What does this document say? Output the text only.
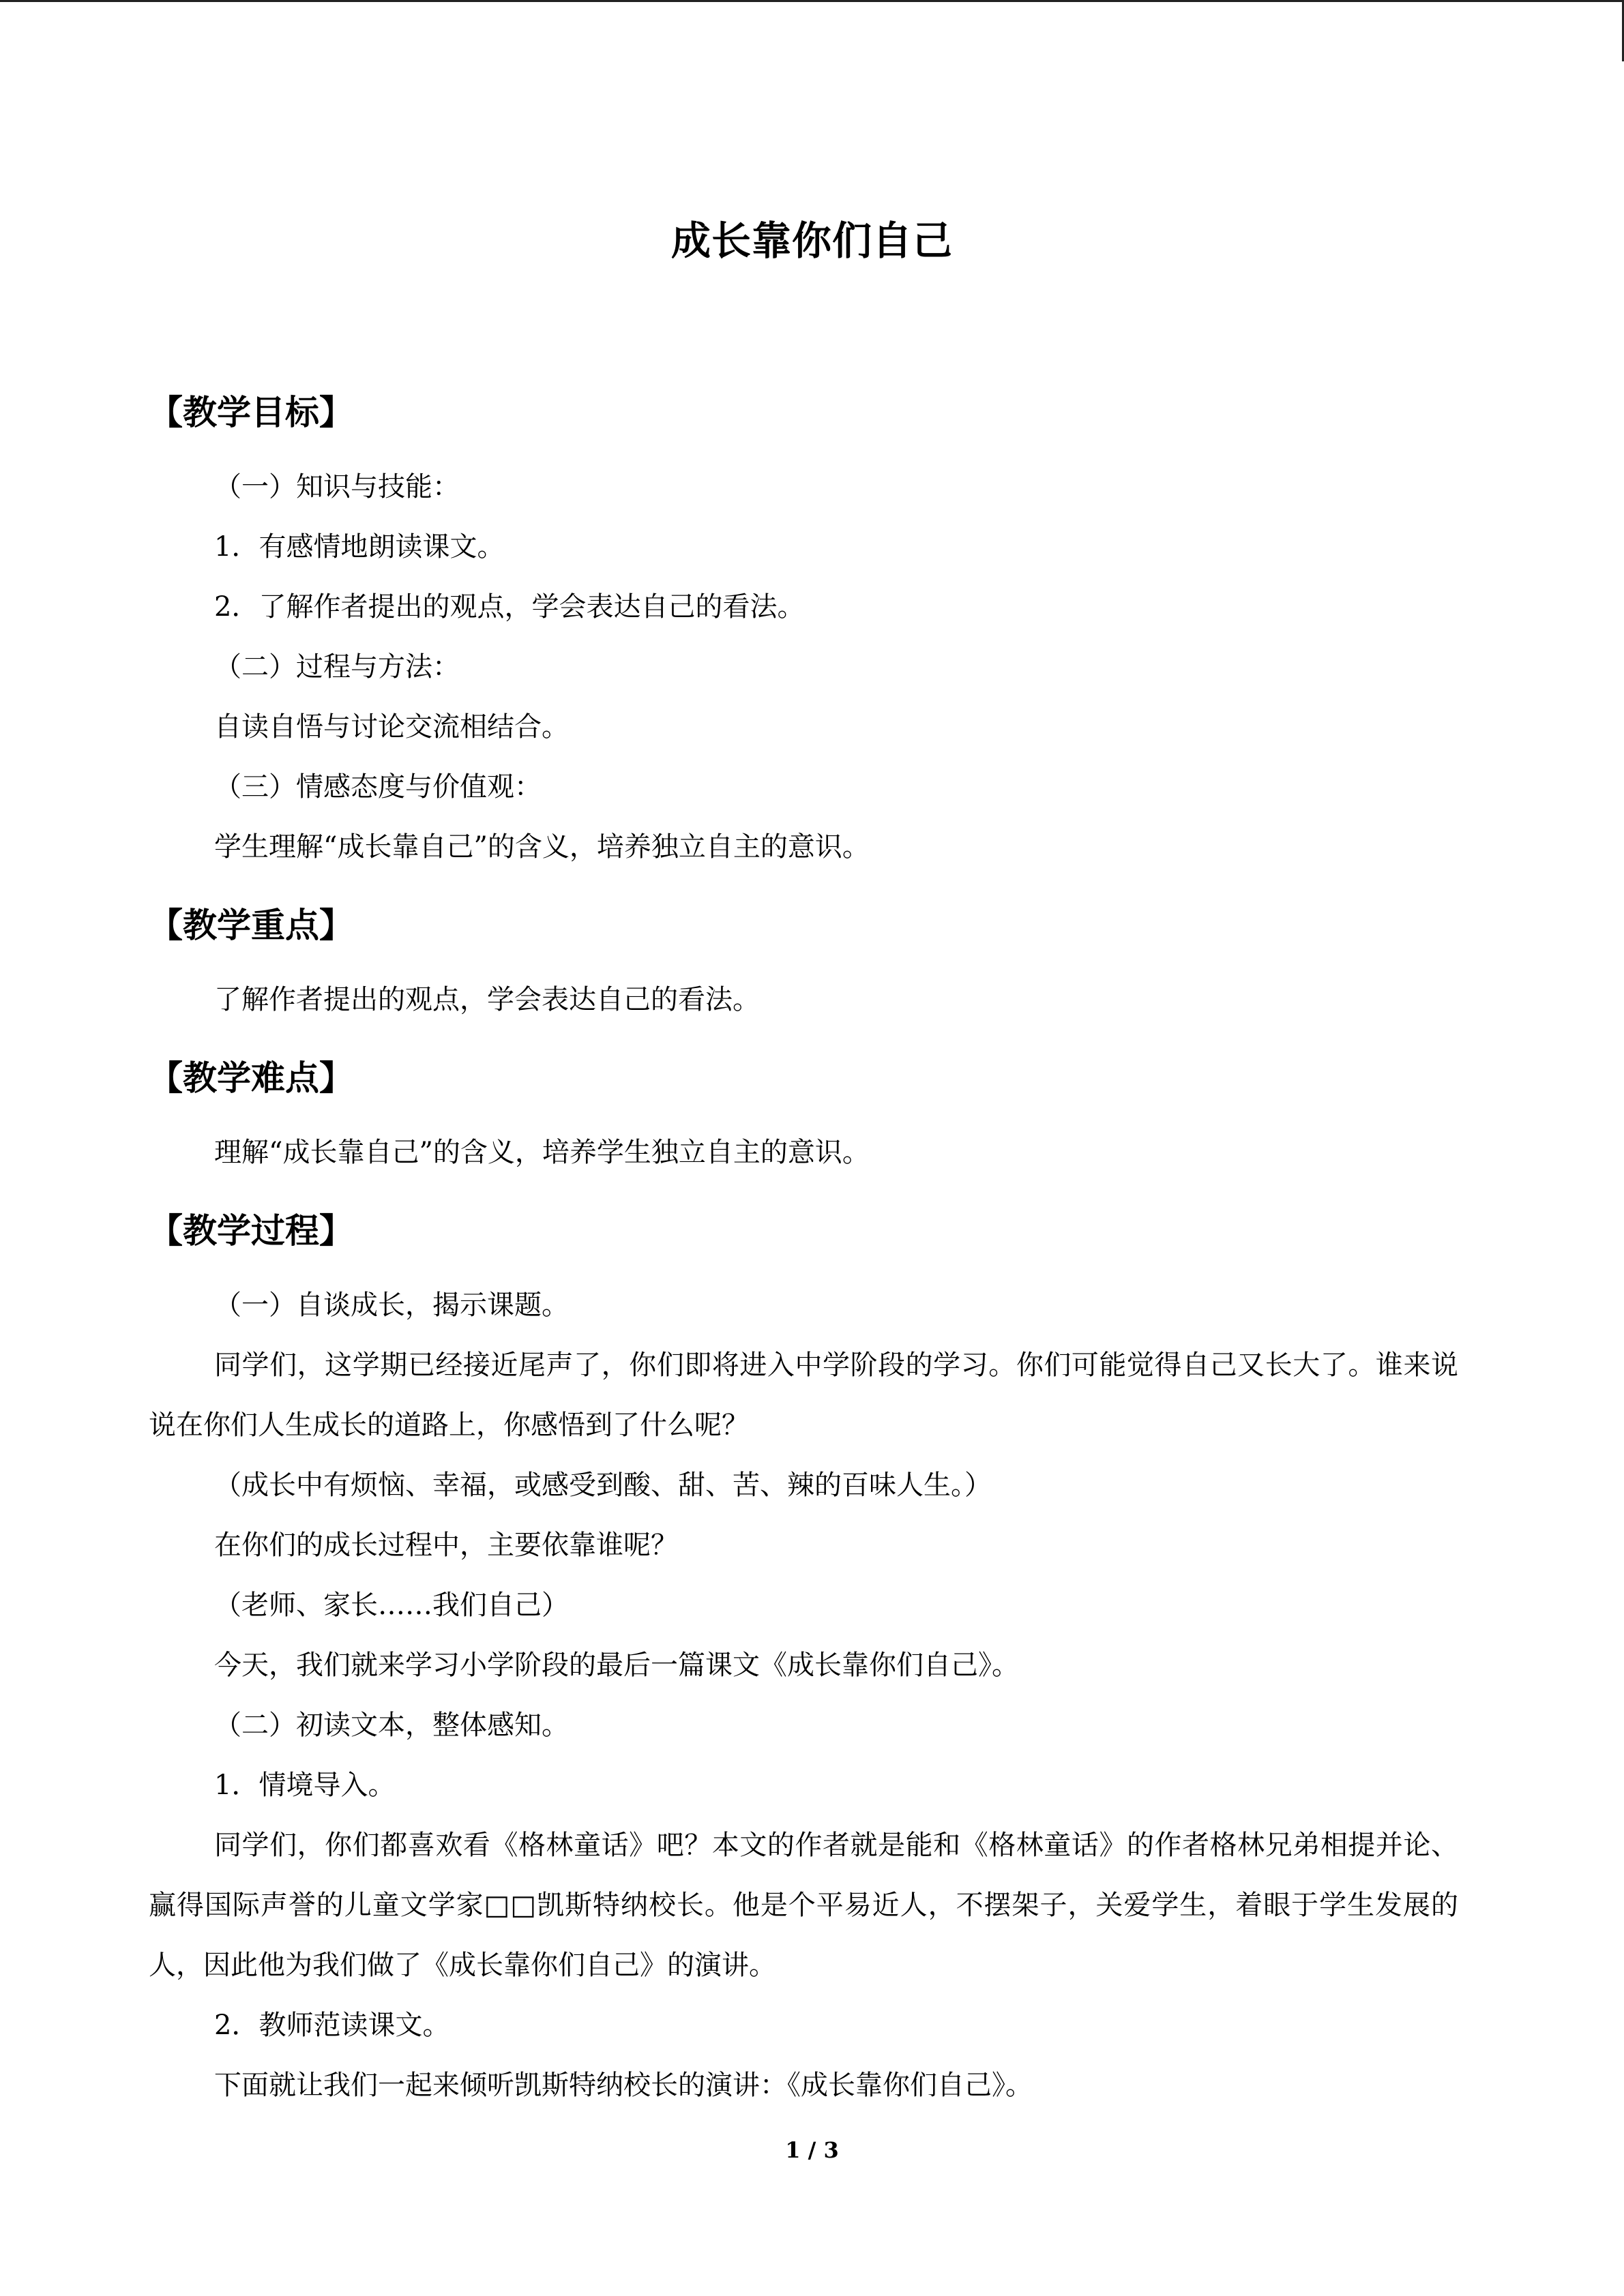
成长靠你们自己
【教学目标】
（一）知识与技能：
1．有感情地朗读课文。
2．了解作者提出的观点，学会表达自己的看法。
（二）过程与方法：
自读自悟与讨论交流相结合。
（三）情感态度与价值观：
学生理解“成长靠自己”的含义，培养独立自主的意识。
【教学重点】
了解作者提出的观点，学会表达自己的看法。
【教学难点】
理解“成长靠自己”的含义，培养学生独立自主的意识。
【教学过程】
（一）自谈成长，揭示课题。
同学们，这学期已经接近尾声了，你们即将进入中学阶段的学习。你们可能觉得自己又长大了。谁来说说在你们人生成长的道路上，你感悟到了什么呢？
（成长中有烦恼、幸福，或感受到酸、甜、苦、辣的百味人生。）
在你们的成长过程中，主要依靠谁呢？
（老师、家长……我们自己）
今天，我们就来学习小学阶段的最后一篇课文《成长靠你们自己》。
（二）初读文本，整体感知。
1．情境导入。
同学们，你们都喜欢看《格林童话》吧？本文的作者就是能和《格林童话》的作者格林兄弟相提并论、赢得国际声誉的儿童文学家□□凯斯特纳校长。他是个平易近人，不摆架子，关爱学生，着眼于学生发展的人，因此他为我们做了《成长靠你们自己》的演讲。
2．教师范读课文。
下面就让我们一起来倾听凯斯特纳校长的演讲：《成长靠你们自己》。
1 / 3
